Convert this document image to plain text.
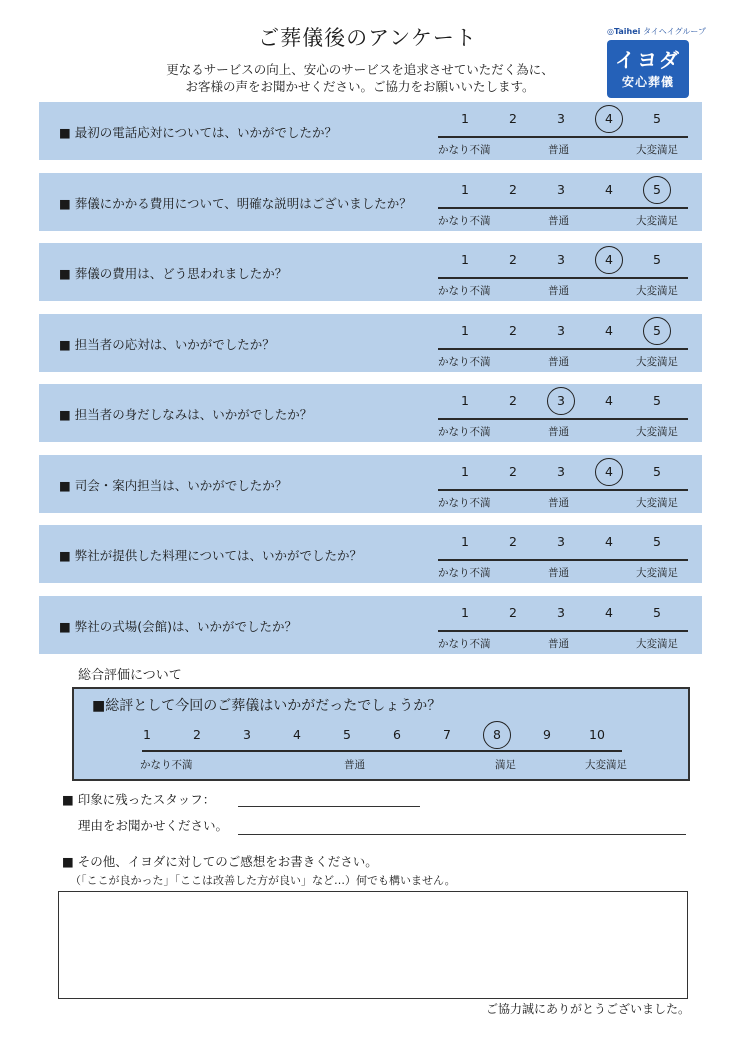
ご葬儀後のアンケート
更なるサービスの向上、安心のサービスを追求させていただく為に、
お客様の声をお聞かせください。ご協力をお願いいたします。
◎Taihei タイヘイグループ
イヨダ
安心葬儀
■ 最初の電話応対については、いかがでしたか？
1	2	3	4	5
かなり不満	普通	大変満足
■ 葬儀にかかる費用について、明確な説明はございましたか？
1	2	3	4	5
かなり不満	普通	大変満足
■ 葬儀の費用は、どう思われましたか？
1	2	3	4	5
かなり不満	普通	大変満足
■ 担当者の応対は、いかがでしたか？
1	2	3	4	5
かなり不満	普通	大変満足
■ 担当者の身だしなみは、いかがでしたか？
1	2	3	4	5
かなり不満	普通	大変満足
■ 司会・案内担当は、いかがでしたか？
1	2	3	4	5
かなり不満	普通	大変満足
■ 弊社が提供した料理については、いかがでしたか？
1	2	3	4	5
かなり不満	普通	大変満足
■ 弊社の式場(会館)は、いかがでしたか？
1	2	3	4	5
かなり不満	普通	大変満足
総合評価について
■総評として今回のご葬儀はいかがだったでしょうか？
かなり不満	普通	満足	大変満足
1	2	3	4	5	6	7	8	9	10
■ 印象に残ったスタッフ：
理由をお聞かせください。
■ その他、イヨダに対してのご感想をお書きください。
（「ここが良かった」「ここは改善した方が良い」など…）何でも構いません。
ご協力誠にありがとうございました。
